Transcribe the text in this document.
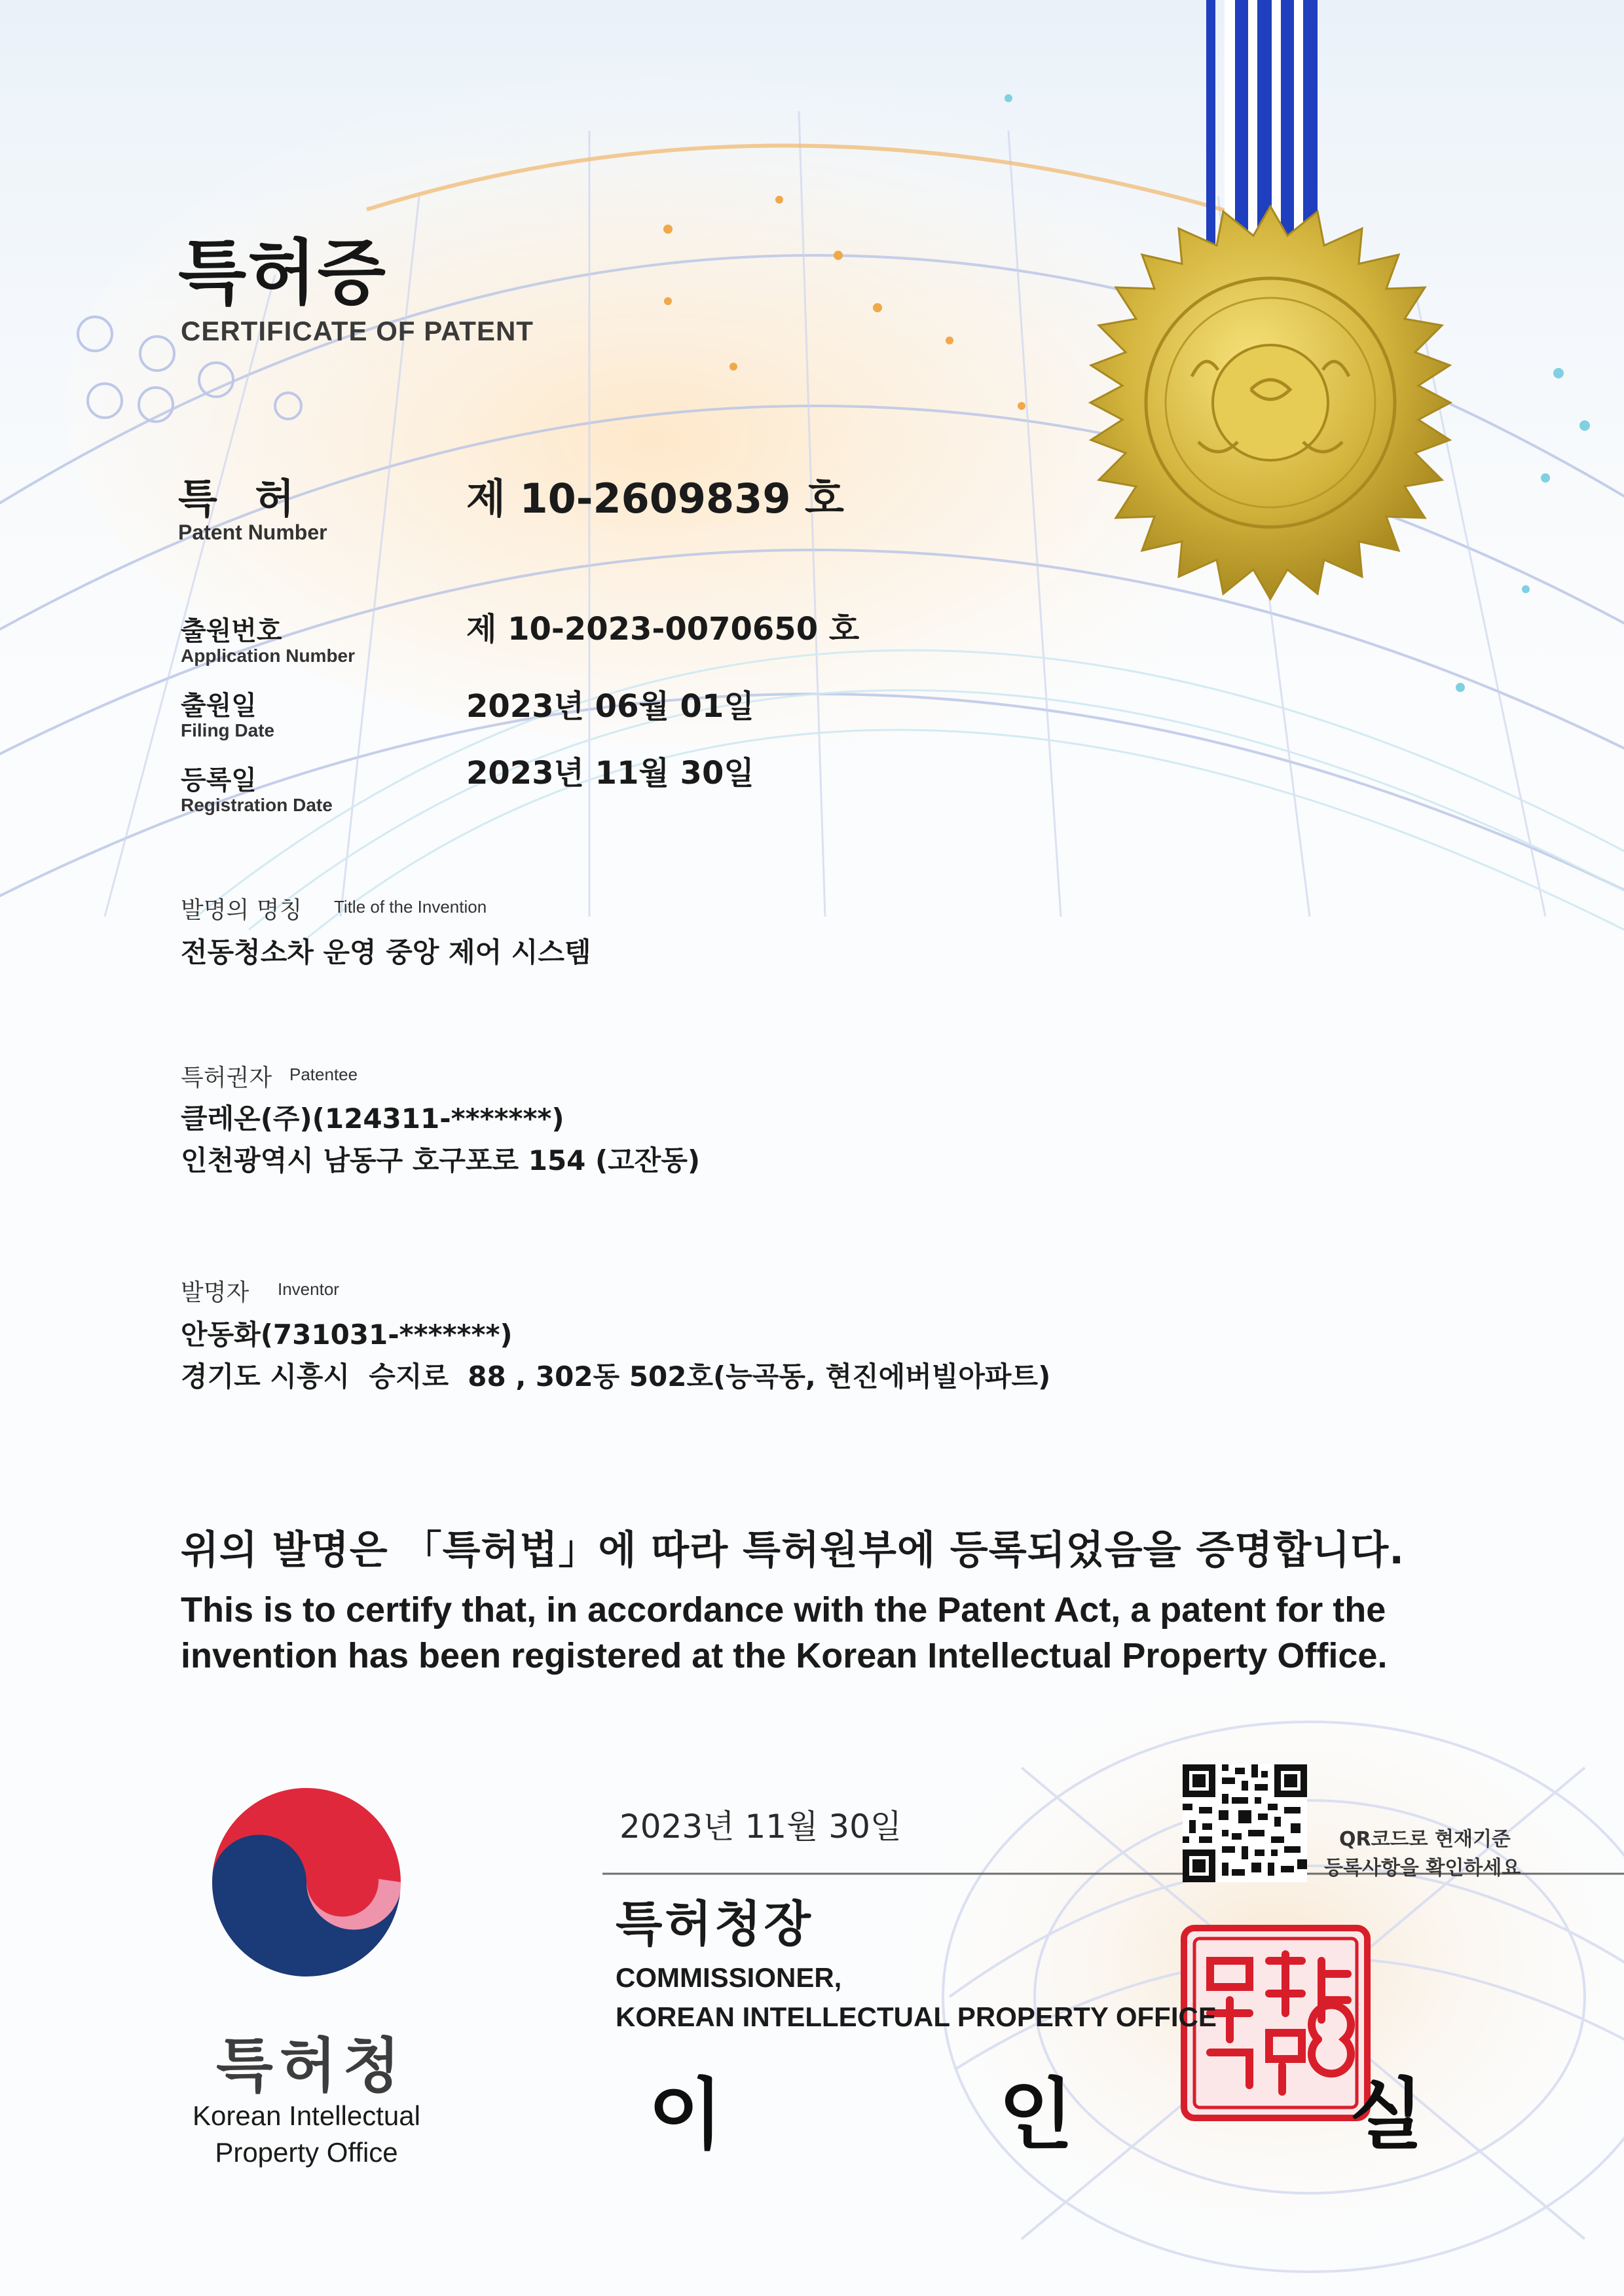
특허증
CERTIFICATE OF PATENT
특 허
Patent Number
제 10-2609839 호
출원번호
Application Number
제 10-2023-0070650 호
출원일
Filing Date
2023년 06월 01일
등록일
Registration Date
2023년 11월 30일
발명의 명칭 Title of the Invention
전동청소차 운영 중앙 제어 시스템
특허권자 Patentee
클레온(주)(124311-*******)
인천광역시 남동구 호구포로 154 (고잔동)
발명자 Inventor
안동화(731031-*******)
경기도 시흥시  승지로  88 , 302동 502호(능곡동, 현진에버빌아파트)
위의 발명은 「특허법」에 따라 특허원부에 등록되었음을 증명합니다.
This is to certify that, in accordance with the Patent Act, a patent for the
invention has been registered at the Korean Intellectual Property Office.
2023년 11월 30일
특허청장
COMMISSIONER,
KOREAN INTELLECTUAL PROPERTY OFFICE
이 인 실
QR코드로 현재기준
등록사항을 확인하세요
특허청
Korean Intellectual
Property Office
